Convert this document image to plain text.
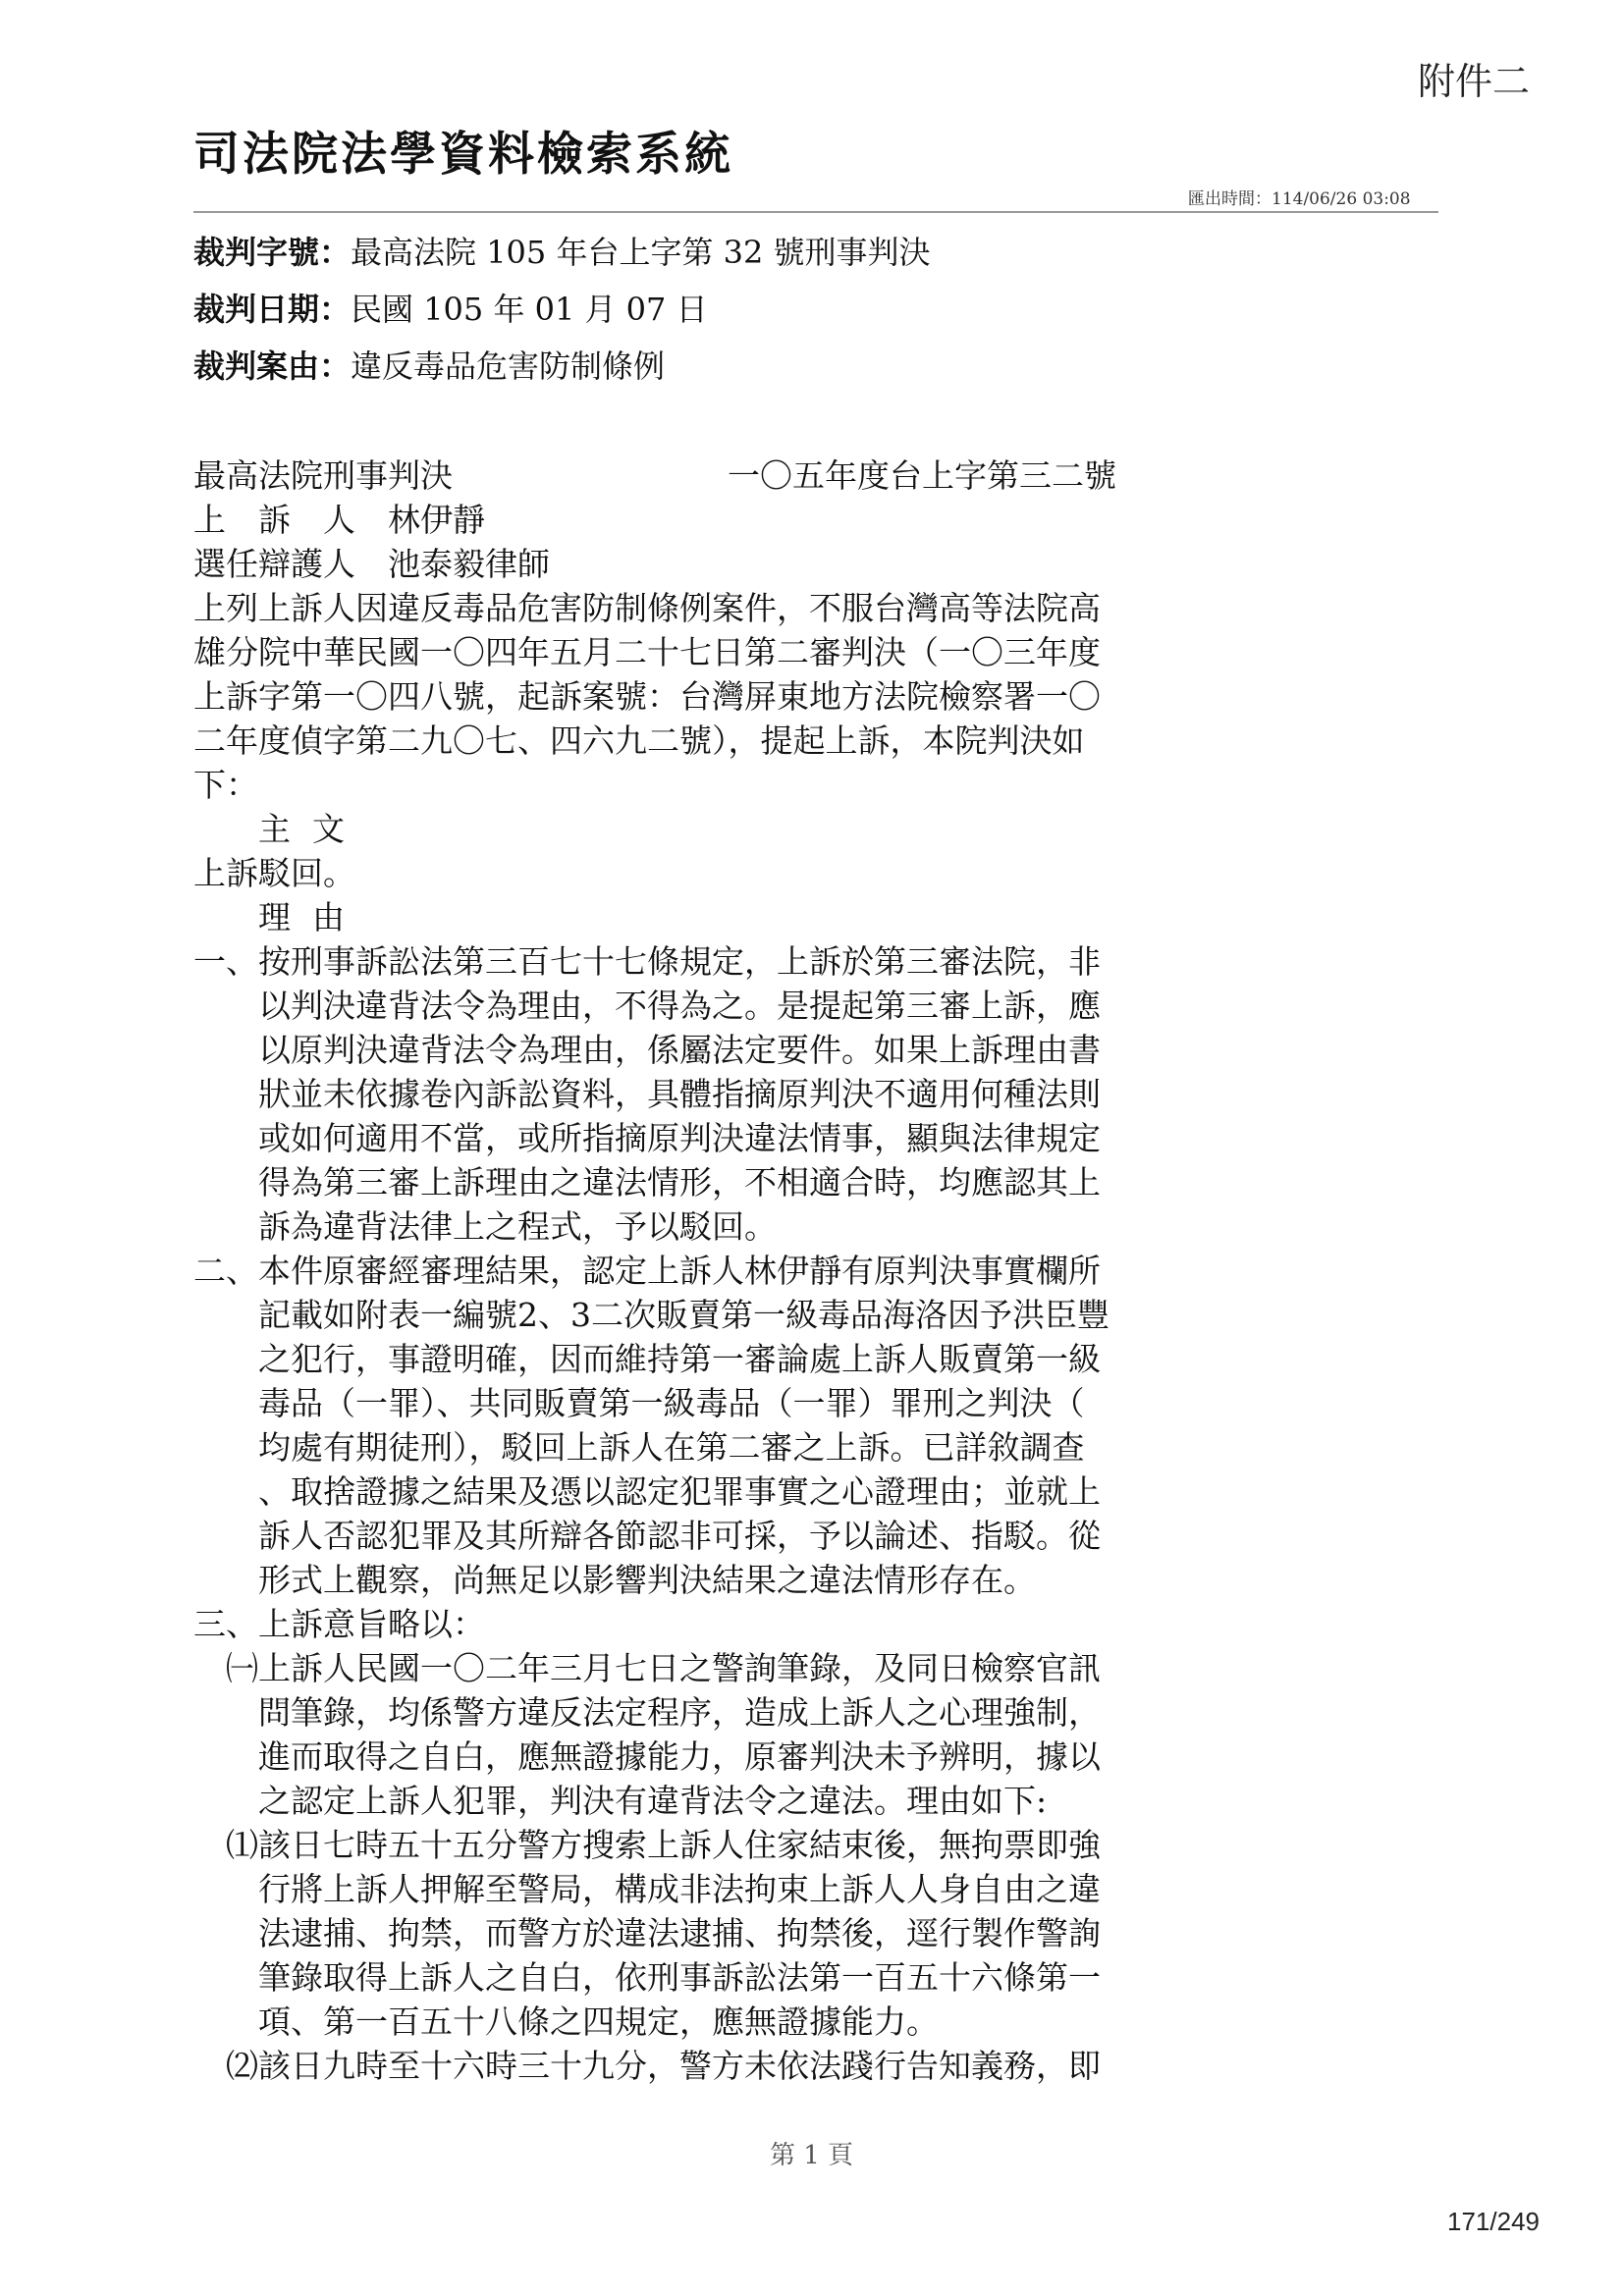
附件二
司法院法學資料檢索系統
匯出時間：114/06/26 03:08
裁判字號：最高法院 105 年台上字第 32 號刑事判決
裁判日期：民國 105 年 01 月 07 日
裁判案由：違反毒品危害防制條例
最高法院刑事判決	一〇五年度台上字第三二號
上　訴　人　林伊靜
選任辯護人　池泰毅律師
上列上訴人因違反毒品危害防制條例案件，不服台灣高等法院高
雄分院中華民國一〇四年五月二十七日第二審判決（一〇三年度
上訴字第一〇四八號，起訴案號：台灣屏東地方法院檢察署一〇
二年度偵字第二九〇七、四六九二號），提起上訴，本院判決如
下：
主文
上訴駁回。
理由
一、按刑事訴訟法第三百七十七條規定，上訴於第三審法院，非
以判決違背法令為理由，不得為之。是提起第三審上訴，應
以原判決違背法令為理由，係屬法定要件。如果上訴理由書
狀並未依據卷內訴訟資料，具體指摘原判決不適用何種法則
或如何適用不當，或所指摘原判決違法情事，顯與法律規定
得為第三審上訴理由之違法情形，不相適合時，均應認其上
訴為違背法律上之程式，予以駁回。
二、本件原審經審理結果，認定上訴人林伊靜有原判決事實欄所
記載如附表一編號2、3二次販賣第一級毒品海洛因予洪臣豐
之犯行，事證明確，因而維持第一審論處上訴人販賣第一級
毒品（一罪）、共同販賣第一級毒品（一罪）罪刑之判決（
均處有期徒刑），駁回上訴人在第二審之上訴。已詳敘調查
、取捨證據之結果及憑以認定犯罪事實之心證理由；並就上
訴人否認犯罪及其所辯各節認非可採，予以論述、指駁。從
形式上觀察，尚無足以影響判決結果之違法情形存在。
三、上訴意旨略以：
㈠上訴人民國一〇二年三月七日之警詢筆錄，及同日檢察官訊
問筆錄，均係警方違反法定程序，造成上訴人之心理強制，
進而取得之自白，應無證據能力，原審判決未予辨明，據以
之認定上訴人犯罪，判決有違背法令之違法。理由如下:
⑴該日七時五十五分警方搜索上訴人住家結束後，無拘票即強
行將上訴人押解至警局，構成非法拘束上訴人人身自由之違
法逮捕、拘禁，而警方於違法逮捕、拘禁後，逕行製作警詢
筆錄取得上訴人之自白，依刑事訴訟法第一百五十六條第一
項、第一百五十八條之四規定，應無證據能力。
⑵該日九時至十六時三十九分，警方未依法踐行告知義務，即
第 1 頁
171/249
